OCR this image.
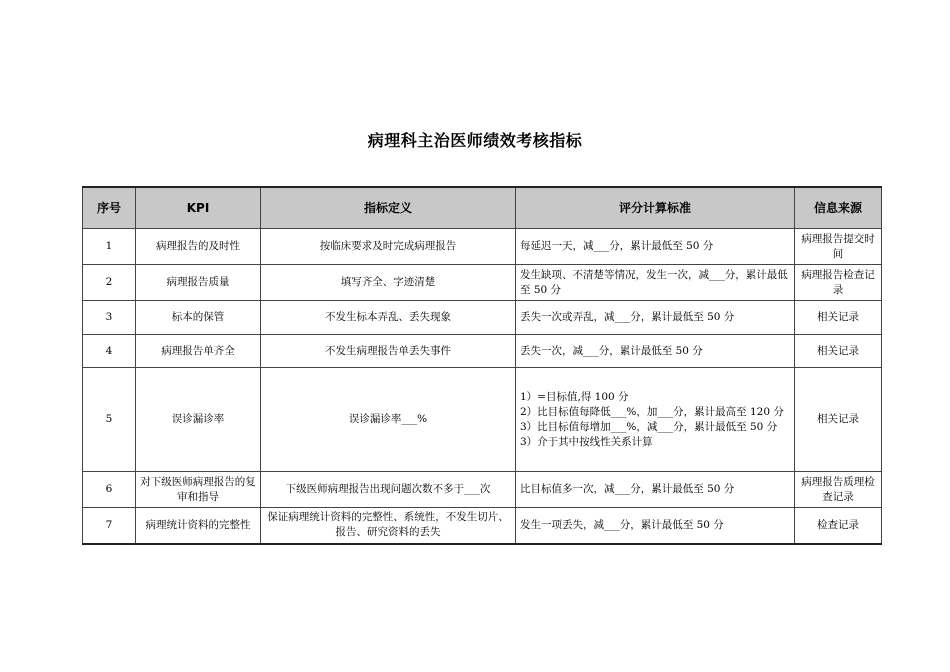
病理科主治医师绩效考核指标
序号	KPI	指标定义	评分计算标准	信息来源
1	病理报告的及时性	按临床要求及时完成病理报告	每延迟一天，减___分，累计最低至 50 分	病理报告提交时间
2	病理报告质量	填写齐全、字迹清楚	发生缺项、不清楚等情况，发生一次，减___分，累计最低至 50 分	病理报告检查记录
3	标本的保管	不发生标本弄乱、丢失现象	丢失一次或弄乱，减___分，累计最低至 50 分	相关记录
4	病理报告单齐全	不发生病理报告单丢失事件	丢失一次，减___分，累计最低至 50 分	相关记录
5	误诊漏诊率	误诊漏诊率___%	1）=目标值,得 100 分
2）比目标值每降低___%，加___分，累计最高至 120 分
3）比目标值每增加___%，减___分，累计最低至 50 分
3）介于其中按线性关系计算	相关记录
6	对下级医师病理报告的复审和指导	下级医师病理报告出现问题次数不多于___次	比目标值多一次，减___分，累计最低至 50 分	病理报告质理检查记录
7	病理统计资料的完整性	保证病理统计资料的完整性、系统性，不发生切片、报告、研究资料的丢失	发生一项丢失，减___分，累计最低至 50 分	检查记录
